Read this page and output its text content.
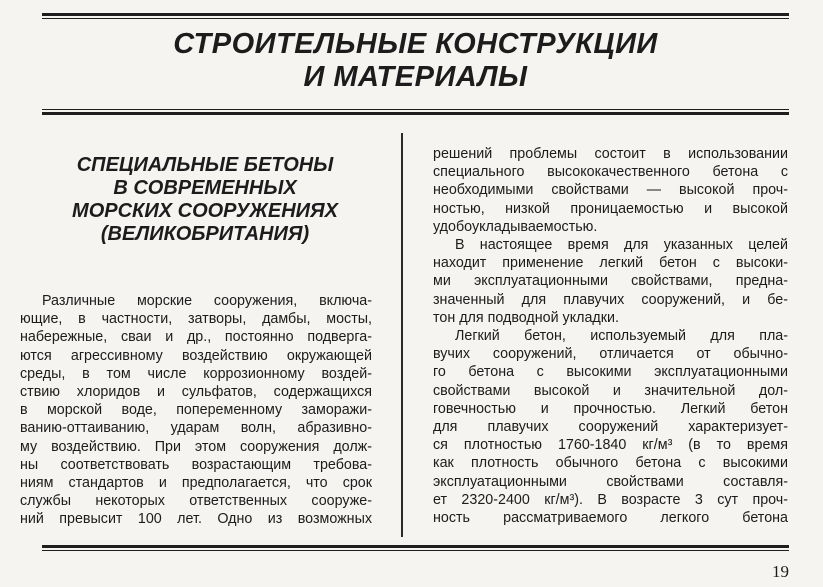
СТРОИТЕЛЬНЫЕ КОНСТРУКЦИИ
И МАТЕРИАЛЫ
СПЕЦИАЛЬНЫЕ БЕТОНЫ
В СОВРЕМЕННЫХ
МОРСКИХ СООРУЖЕНИЯХ
(ВЕЛИКОБРИТАНИЯ)
Различные морские сооружения, включа-
ющие, в частности, затворы, дамбы, мосты,
набережные, сваи и др., постоянно подверга-
ются агрессивному воздействию окружающей
среды, в том числе коррозионному воздей-
ствию хлоридов и сульфатов, содержащихся
в морской воде, попеременному заморажи-
ванию-оттаиванию, ударам волн, абразивно-
му воздействию. При этом сооружения долж-
ны соответствовать возрастающим требова-
ниям стандартов и предполагается, что срок
службы некоторых ответственных сооруже-
ний превысит 100 лет. Одно из возможных
решений проблемы состоит в использовании
специального высококачественного бетона с
необходимыми свойствами — высокой проч-
ностью, низкой проницаемостью и высокой
удобоукладываемостью.
В настоящее время для указанных целей
находит применение легкий бетон с высоки-
ми эксплуатационными свойствами, предна-
значенный для плавучих сооружений, и бе-
тон для подводной укладки.
Легкий бетон, используемый для пла-
вучих сооружений, отличается от обычно-
го бетона с высокими эксплуатационными
свойствами высокой и значительной дол-
говечностью и прочностью. Легкий бетон
для плавучих сооружений характеризует-
ся плотностью 1760-1840 кг/м³ (в то время
как плотность обычного бетона с высокими
эксплуатационными свойствами составля-
ет 2320-2400 кг/м³). В возрасте 3 сут проч-
ность рассматриваемого легкого бетона
19
